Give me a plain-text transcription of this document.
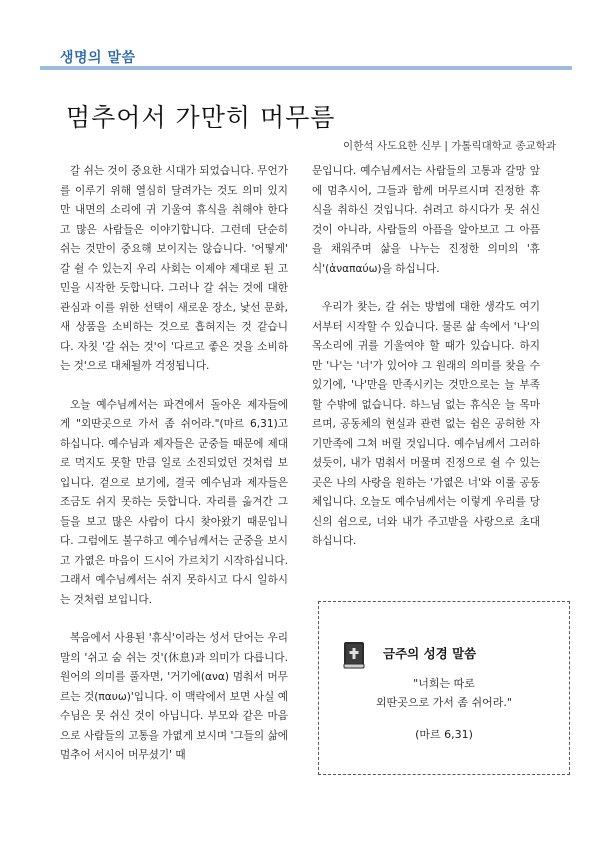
생명의 말씀
멈추어서 가만히 머무름
이한석 사도요한 신부 | 가톨릭대학교 종교학과

갈 쉬는 것이 중요한 시대가 되었습니다. 무언가를 이루기 위해 열심히 달려가는 것도 의미 있지만 내면의 소리에 귀 기울여 휴식을 취해야 한다고 많은 사람들은 이야기합니다. 그런데 단순히 쉬는 것만이 중요해 보이지는 않습니다. '어떻게' 갈 쉴 수 있는지 우리 사회는 이제야 제대로 된 고민을 시작한 듯합니다. 그러나 갈 쉬는 것에 대한 관심과 이를 위한 선택이 새로운 장소, 낯선 문화, 새 상품을 소비하는 것으로 흡혀지는 것 같습니다. 자칫 '갈 쉬는 것'이 '다르고 좋은 것을 소비하는 것'으로 대체될까 걱정됩니다.

오늘 예수님께서는 파견에서 돌아온 제자들에게 "외딴곳으로 가서 좀 쉬어라."(마르 6,31)고 하십니다. 예수님과 제자들은 군중들 때문에 제대로 먹지도 못할 만큼 일로 소진되었던 것처럼 보입니다. 겉으로 보기에, 결국 예수님과 제자들은 조금도 쉬지 못하는 듯합니다. 자리를 옮겨간 그들을 보고 많은 사람이 다시 찾아왔기 때문입니다. 그럼에도 불구하고 예수님께서는 군중을 보시고 가엾은 마음이 드시어 가르치기 시작하십니다. 그래서 예수님께서는 쉬지 못하시고 다시 일하시는 것처럼 보입니다.

복음에서 사용된 '휴식'이라는 성서 단어는 우리말의 '쉬고 숨 쉬는 것'(休息)과 의미가 다릅니다. 원어의 의미를 풀자면, '거기에(ανα) 멈춰서 머무르는 것(παυω)'입니다. 이 맥락에서 보면 사실 예수님은 못 쉬신 것이 아닙니다. 부모와 같은 마음으로 사람들의 고통을 가엾게 보시며 '그들의 삶에 멈추어 서시어 머무셨기' 때

문입니다. 예수님께서는 사람들의 고통과 갈망 앞에 멈추시어, 그들과 함께 머무르시며 진정한 휴식을 취하신 것입니다. 쉬려고 하시다가 못 쉬신 것이 아니라, 사람들의 아픔을 알아보고 그 아픔을 채워주며 삶을 나누는 진정한 의미의 '휴식'(ἀναπαύω)을 하십니다.

우리가 찾는, 갈 쉬는 방법에 대한 생각도 여기서부터 시작할 수 있습니다. 물론 삶 속에서 '나'의 목소리에 귀를 기울여야 할 때가 있습니다. 하지만 '나'는 '너'가 있어야 그 원래의 의미를 찾을 수 있기에, '나'만을 만족시키는 것만으로는 늘 부족할 수밖에 없습니다. 하느님 없는 휴식은 늘 목마르며, 공동체의 현실과 관련 없는 쉼은 공허한 자기만족에 그쳐 버릴 것입니다. 예수님께서 그러하셨듯이, 내가 멈춰서 머물며 진정으로 쉴 수 있는 곳은 나의 사랑을 원하는 '가엾은 너'와 이룰 공동체입니다. 오늘도 예수님께서는 이렇게 우리를 당신의 쉼으로, 너와 내가 주고받을 사랑으로 초대하십니다.

금주의 성경 말씀
"너희는 따로
외딴곳으로 가서 좀 쉬어라."
(마르 6,31)
